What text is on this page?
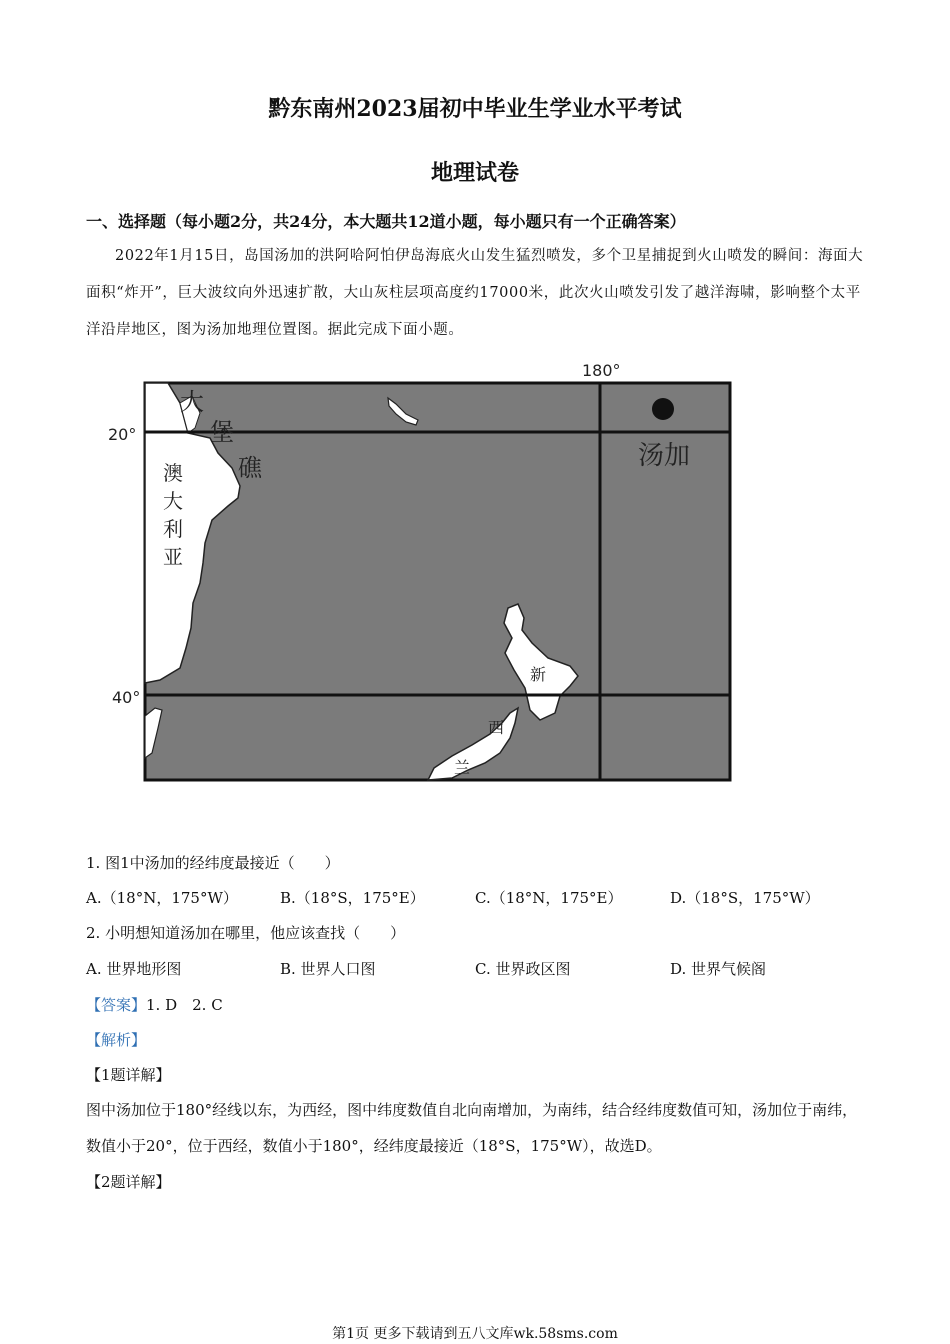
黔东南州2023届初中毕业生学业水平考试
地理试卷
一、选择题（每小题2分，共24分，本大题共12道小题，每小题只有一个正确答案）
2022年1月15日，岛国汤加的洪阿哈阿怕伊岛海底火山发生猛烈喷发，多个卫星捕捉到火山喷发的瞬间：海面大面积“炸开”，巨大波纹向外迅速扩散，大山灰柱层项高度约17000米，此次火山喷发引发了越洋海啸，影响整个太平洋沿岸地区，图为汤加地理位置图。据此完成下面小题。
180°
20°
40°
大
堡
礁
澳
大
利
亚
汤加
新
西
兰
1. 图1中汤加的经纬度最接近（　　）
A.（18°N，175°W）	B.（18°S，175°E）	C.（18°N，175°E）	D.（18°S，175°W）
2. 小明想知道汤加在哪里，他应该查找（　　）
A. 世界地形图	B. 世界人口图	C. 世界政区图	D. 世界气候阁
【答案】1. D　2. C
【解析】
【1题详解】
图中汤加位于180°经线以东，为西经，图中纬度数值自北向南增加，为南纬，结合经纬度数值可知，汤加位于南纬，数值小于20°，位于西经，数值小于180°，经纬度最接近（18°S，175°W），故选D。
【2题详解】
第1页 更多下载请到五八文库wk.58sms.com
